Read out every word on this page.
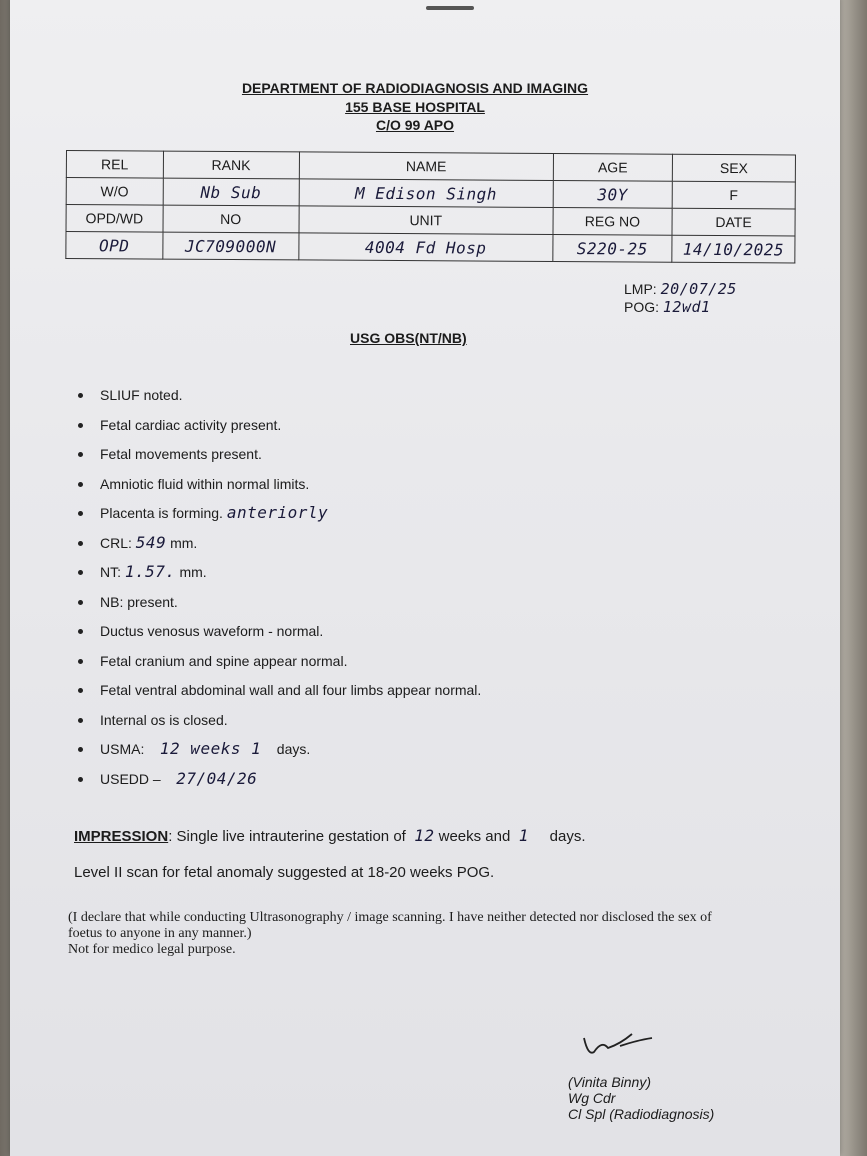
DEPARTMENT OF RADIODIAGNOSIS AND IMAGING
155 BASE HOSPITAL
C/O 99 APO
REL	RANK	NAME	AGE	SEX
W/O	Nb Sub	M Edison Singh	30Y	F
OPD/WD	NO	UNIT	REG NO	DATE
OPD	JC709000N	4004 Fd Hosp	S220-25	14/10/2025
LMP: 20/07/25
POG: 12wd1
USG OBS(NT/NB)
SLIUF noted.
Fetal cardiac activity present.
Fetal movements present.
Amniotic fluid within normal limits.
Placenta is forming. anteriorly
CRL: 549 mm.
NT: 1.57. mm.
NB: present.
Ductus venosus waveform - normal.
Fetal cranium and spine appear normal.
Fetal ventral abdominal wall and all four limbs appear normal.
Internal os is closed.
USMA: 12 weeks 1 days.
USEDD – 27/04/26
IMPRESSION: Single live intrauterine gestation of 12 weeks and 1 days.
Level II scan for fetal anomaly suggested at 18-20 weeks POG.
(I declare that while conducting Ultrasonography / image scanning. I have neither detected nor disclosed the sex of foetus to anyone in any manner.)
Not for medico legal purpose.
(Vinita Binny)
Wg Cdr
Cl Spl (Radiodiagnosis)
